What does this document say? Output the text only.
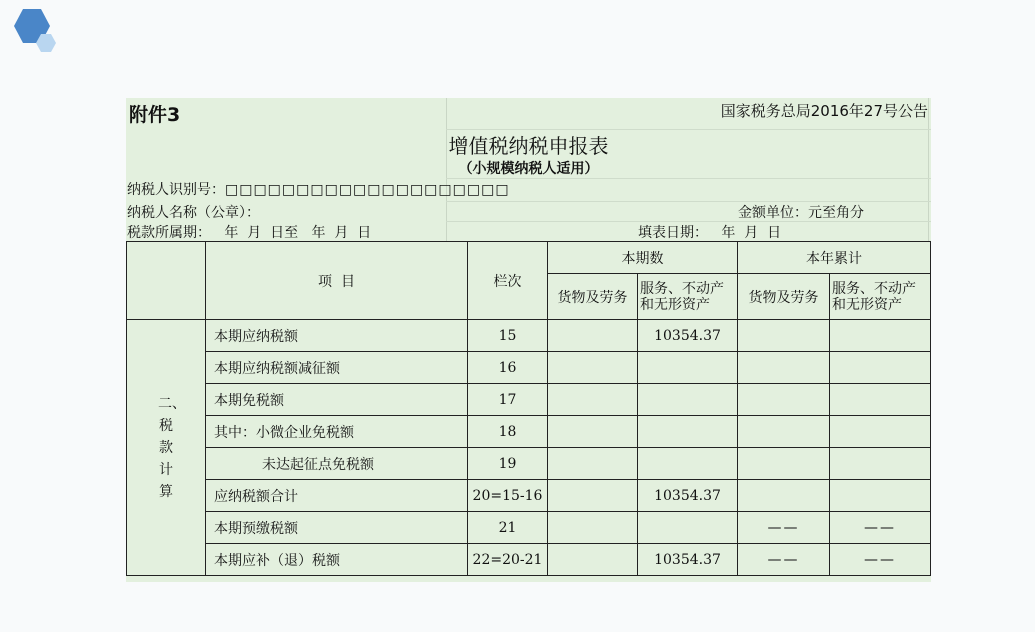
附件3	国家税务总局2016年27号公告
增值税纳税申报表
（小规模纳税人适用）
纳税人识别号：□□□□□□□□□□□□□□□□□□□□
纳税人名称（公章）：	金额单位：元至角分
税款所属期：   年  月  日至   年  月  日	填表日期：   年  月  日
	项  目	栏次	本期数		本年累计	
			货物及劳务	服务、不动产和无形资产	货物及劳务	服务、不动产和无形资产
二、税款计算	本期应纳税额	15		10354.37		
	本期应纳税额减征额	16				
	本期免税额	17				
	其中：小微企业免税额	18				
	未达起征点免税额	19				
	应纳税额合计	20=15-16		10354.37		
	本期预缴税额	21			——	——
	本期应补（退）税额	22=20-21		10354.37	——	——
